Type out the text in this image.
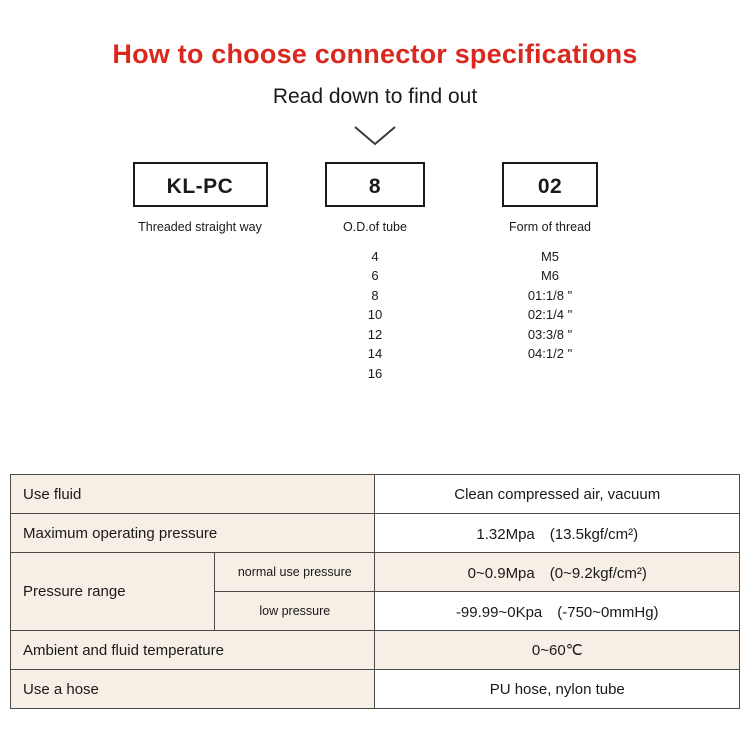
How to choose connector specifications

Read down to find out

KL-PC
Threaded straight way
8
O.D.of tube
4
6
8
10
12
14
16
02
Form of thread
M5
M6
01:1/8 "
02:1/4 "
03:3/8 "
04:1/2 "
Use fluid		Clean compressed air, vacuum
Maximum operating pressure		1.32Mpa　(13.5kgf/cm²)
Pressure range	normal use pressure	0~0.9Mpa　(0~9.2kgf/cm²)
	low pressure	-99.99~0Kpa　(-750~0mmHg)
Ambient and fluid temperature		0~60℃
Use a hose		PU hose, nylon tube
